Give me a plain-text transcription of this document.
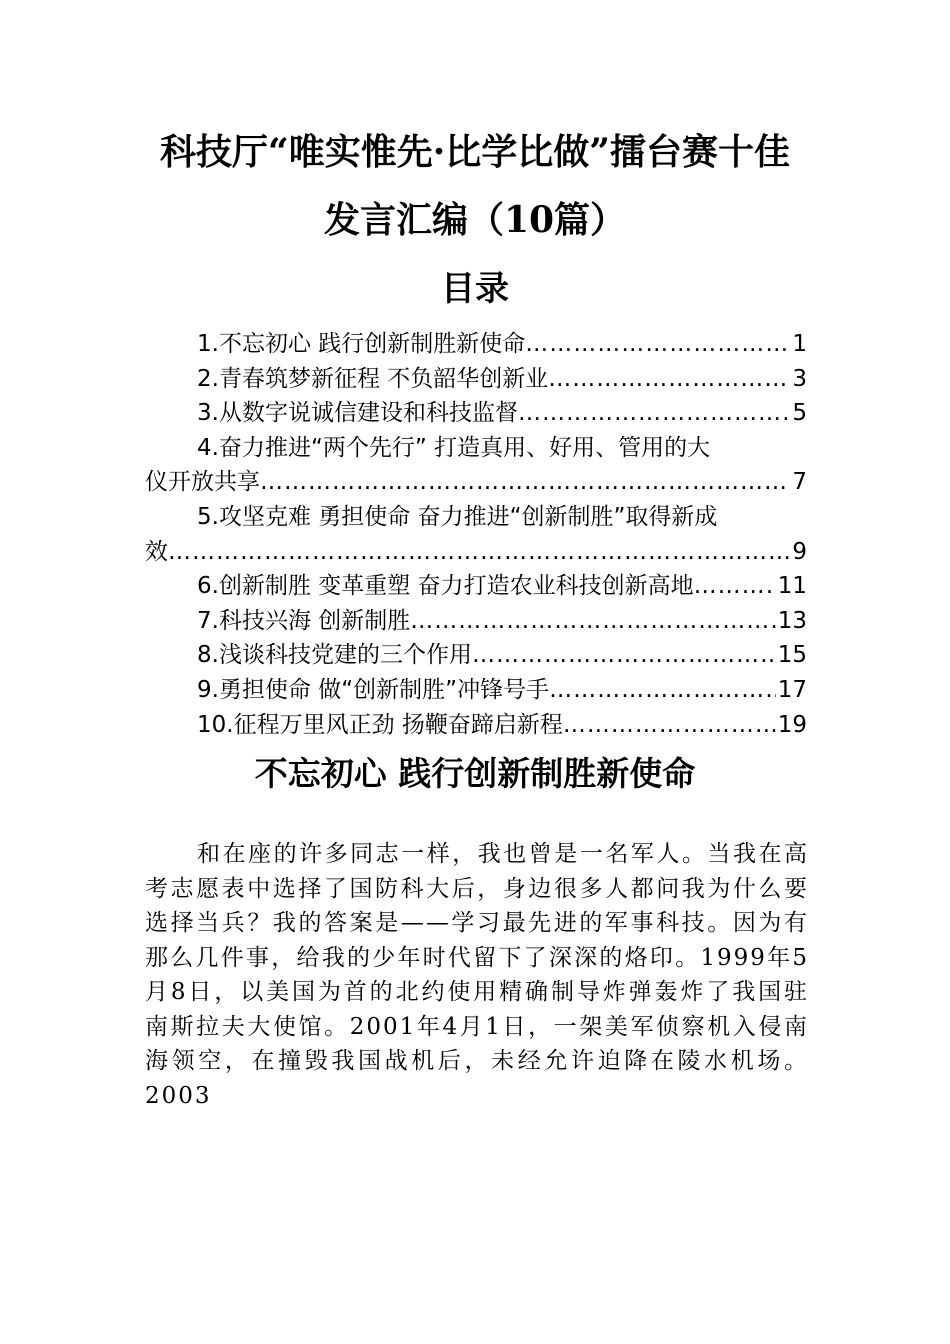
科技厅“唯实惟先·比学比做”擂台赛十佳
发言汇编（10篇）
目录
1.不忘初心 践行创新制胜新使命 ……………………………………………………………………………………………………………………………………………………………………	1
2.青春筑梦新征程 不负韶华创新业 ……………………………………………………………………………………………………………………………………………………………………	3
3.从数字说诚信建设和科技监督 ……………………………………………………………………………………………………………………………………………………………………	5
4.奋力推进“两个先行” 打造真用、好用、管用的大
仪开放共享 ……………………………………………………………………………………………………………………………………………………………………	7
5.攻坚克难 勇担使命 奋力推进“创新制胜”取得新成
效 ……………………………………………………………………………………………………………………………………………………………………	9
6.创新制胜 变革重塑 奋力打造农业科技创新高地 ……………………………………………………………………………………………………………………………………………………………………	11
7.科技兴海 创新制胜 ……………………………………………………………………………………………………………………………………………………………………	13
8.浅谈科技党建的三个作用 ……………………………………………………………………………………………………………………………………………………………………	15
9.勇担使命 做“创新制胜”冲锋号手 ……………………………………………………………………………………………………………………………………………………………………	17
10.征程万里风正劲 扬鞭奋蹄启新程 ……………………………………………………………………………………………………………………………………………………………………	19
不忘初心 践行创新制胜新使命

和在座的许多同志一样，我也曾是一名军人。当我在高考志愿表中选择了国防科大后，身边很多人都问我为什么要选择当兵？我的答案是——学习最先进的军事科技。因为有那么几件事，给我的少年时代留下了深深的烙印。1999年5月8日，以美国为首的北约使用精确制导炸弹轰炸了我国驻南斯拉夫大使馆。2001年4月1日，一架美军侦察机入侵南海领空，在撞毁我国战机后，未经允许迫降在陵水机场。2003
